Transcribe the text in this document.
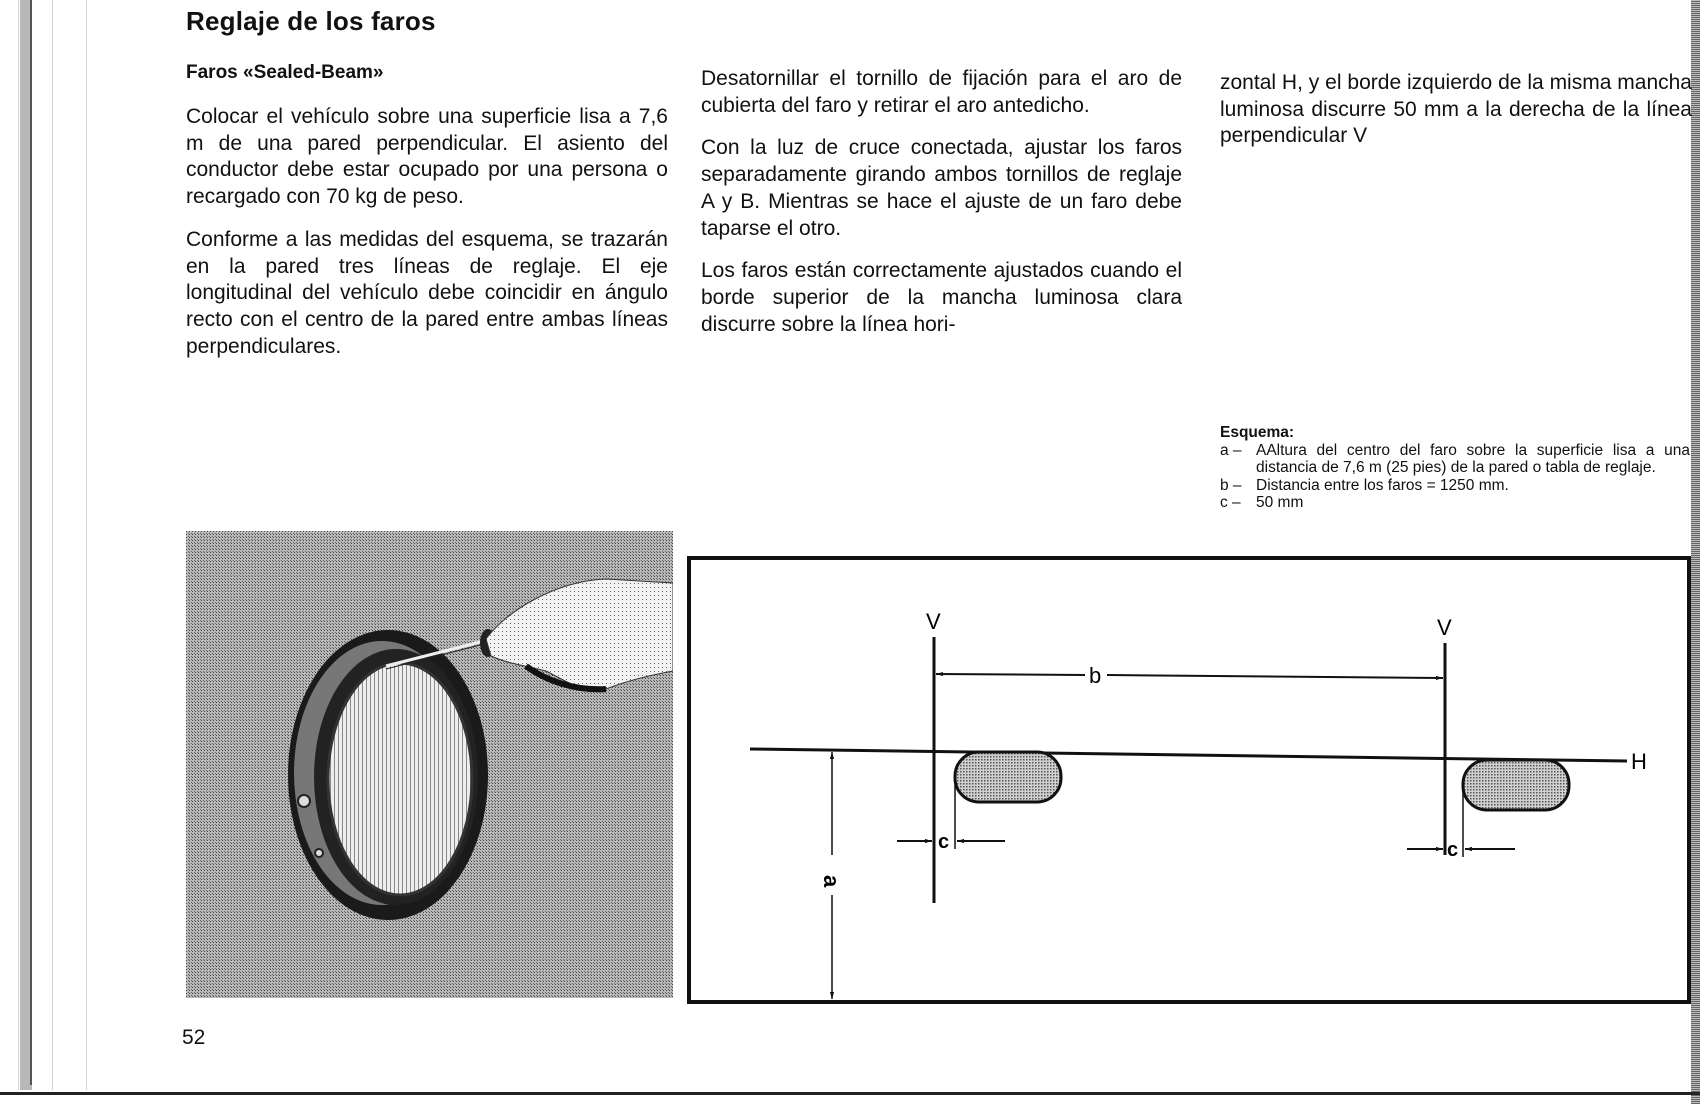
Reglaje de los faros
Faros «Sealed-Beam»

Colocar el vehículo sobre una superficie lisa a 7,6 m de una pared perpendicular. El asiento del conductor debe estar ocupado por una persona o recargado con 70 kg de peso.

Conforme a las medidas del esquema, se trazarán en la pared tres líneas de reglaje. El eje longitudinal del vehículo debe coincidir en ángulo recto con el centro de la pared entre ambas líneas perpendiculares.

Desatornillar el tornillo de fijación para el aro de cubierta del faro y retirar el aro antedicho.

Con la luz de cruce conectada, ajustar los faros separadamente girando ambos tornillos de reglaje A y B. Mientras se hace el ajuste de un faro debe taparse el otro.

Los faros están correctamente ajustados cuando el borde superior de la mancha luminosa clara discurre sobre la línea hori-

zontal H, y el borde izquierdo de la misma mancha luminosa discurre 50 mm a la derecha de la línea perpendicular V

Esquema:
a – AAltura del centro del faro sobre la superficie lisa a una distancia de 7,6 m (25 pies) de la pared o tabla de reglaje.
b – Distancia entre los faros = 1250 mm.
c – 50 mm
V	V
b
H
c	c
a
52
